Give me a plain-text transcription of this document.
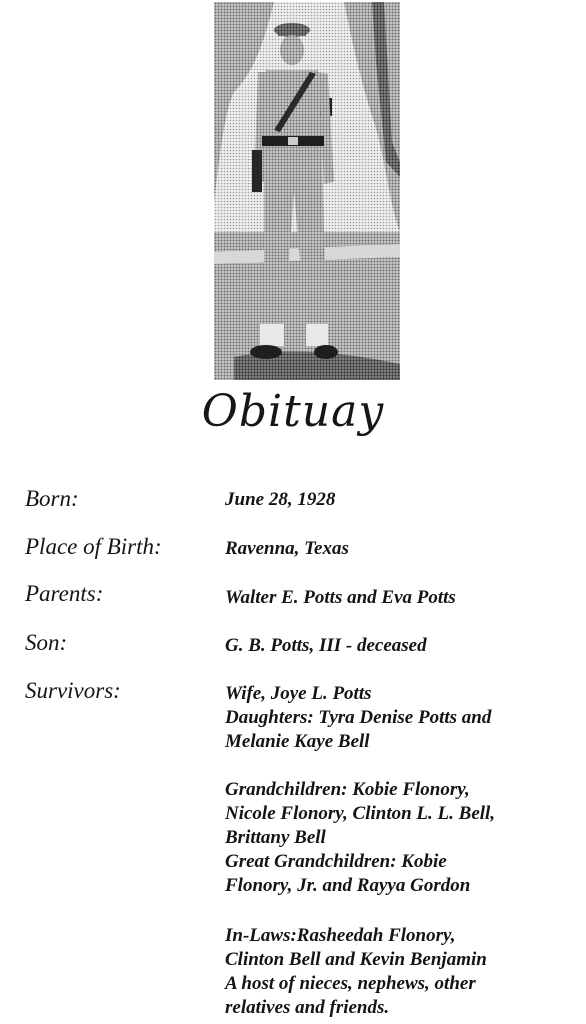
Obituay
Born:	June 28, 1928
Place of Birth:	Ravenna, Texas
Parents:	Walter E. Potts and Eva Potts
Son:	G. B. Potts, III - deceased
Survivors:	Wife, Joye L. Potts
Daughters: Tyra Denise Potts and
Melanie Kaye Bell
Grandchildren: Kobie Flonory,
Nicole Flonory, Clinton L. L. Bell,
Brittany Bell
Great Grandchildren: Kobie
Flonory, Jr. and Rayya Gordon
In-Laws:Rasheedah Flonory,
Clinton Bell and Kevin Benjamin
A host of nieces, nephews, other
relatives and friends.
